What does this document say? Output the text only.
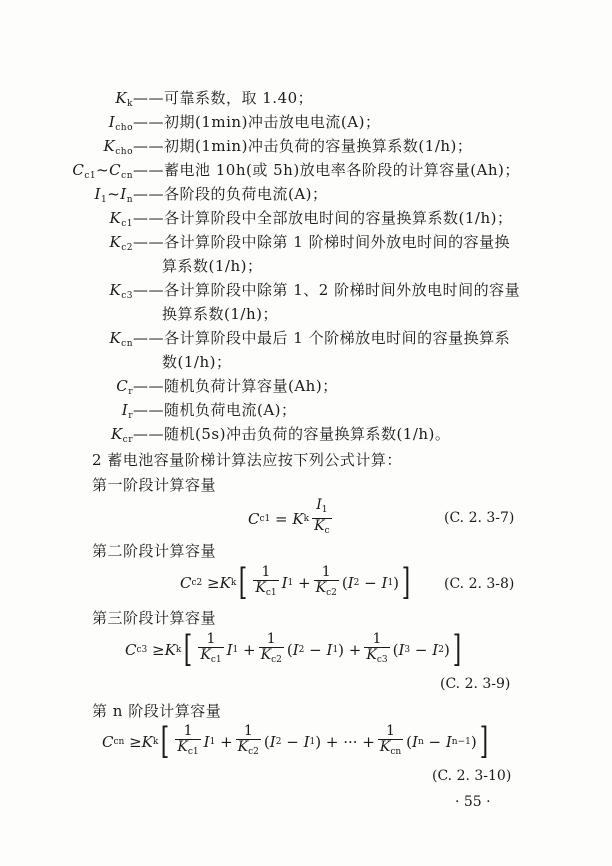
$K_k$ ——可靠系数，取 1.40；
$I_{cho}$ ——初期(1min)冲击放电电流(A)；
$K_{cho}$ ——初期(1min)冲击负荷的容量换算系数(1/h)；
$C_{c1}\sim C_{cn}$ ——蓄电池 10h(或 5h)放电率各阶段的计算容量(Ah)；
$I_1\sim I_n$ ——各阶段的负荷电流(A)；
$K_{c1}$ ——各计算阶段中全部放电时间的容量换算系数(1/h)；
$K_{c2}$ ——各计算阶段中除第 1 阶梯时间外放电时间的容量换
算系数(1/h)；
$K_{c3}$ ——各计算阶段中除第 1、2 阶梯时间外放电时间的容量
换算系数(1/h)；
$K_{cn}$ ——各计算阶段中最后 1 个阶梯放电时间的容量换算系
数(1/h)；
$C_r$ ——随机负荷计算容量(Ah)；
$I_r$ ——随机负荷电流(A)；
$K_{cr}$ ——随机(5s)冲击负荷的容量换算系数(1/h)。
2 蓄电池容量阶梯计算法应按下列公式计算：
第一阶段计算容量
C c1 = K k $\frac{I_1}{K_c}$	(C. 2. 3-7)
第二阶段计算容量
C c2 ≥ K k [ $\frac{1}{K_{c1}}$ I $1 + \frac{1}{K_{c2}}$ ( I 2 − I 1 ) ] (C. 2. 3-8)
第三阶段计算容量
C c3 ≥ K k [ $\frac{1}{K_{c1}}$ I $1 + \frac{1}{K_{c2}}$ ( I 2 − I 1 ) + $\frac{1}{K_{c3}}$ ( I 3 − I 2 ) ]
(C. 2. 3-9)
第 n 阶段计算容量
C cn ≥ K k [ $\frac{1}{K_{c1}}$ I $1 + \frac{1}{K_{c2}}$ ( I 2 − I 1 ) + ··· + $\frac{1}{K_{cn}}$ ( I n − I n−1 ) ]
(C. 2. 3-10)
· 55 ·
